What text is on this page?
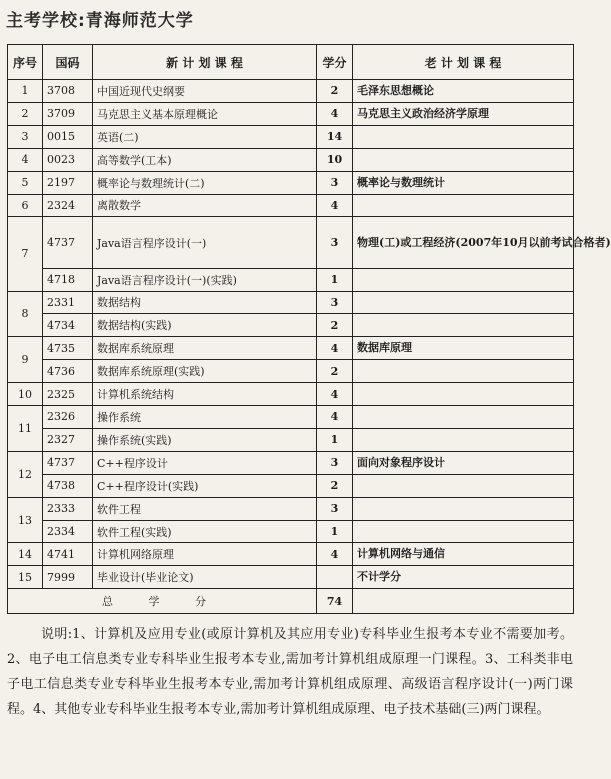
主考学校:青海师范大学
序号	国码	新 计 划 课 程	学分	老 计 划 课 程
1	3708	中国近现代史纲要	2	毛泽东思想概论
2	3709	马克思主义基本原理概论	4	马克思主义政治经济学原理
3	0015	英语(二)	14	
4	0023	高等数学(工本)	10	
5	2197	概率论与数理统计(二)	3	概率论与数理统计
6	2324	离散数学	4	
7	4737	Java语言程序设计(一)	3	物理(工)或工程经济(2007年10月以前考试合格者)
	4718	Java语言程序设计(一)(实践)	1	
8	2331	数据结构	3	
	4734	数据结构(实践)	2	
9	4735	数据库系统原理	4	数据库原理
	4736	数据库系统原理(实践)	2	
10	2325	计算机系统结构	4	
11	2326	操作系统	4	
	2327	操作系统(实践)	1	
12	4737	C++程序设计	3	面向对象程序设计
	4738	C++程序设计(实践)	2	
13	2333	软件工程	3	
	2334	软件工程(实践)	1	
14	4741	计算机网络原理	4	计算机网络与通信
15	7999	毕业设计(毕业论文)		不计学分
总 学 分			74	

说明:1、计算机及应用专业(或原计算机及其应用专业)专科毕业生报考本专业不需要加考。2、电子电工信息类专业专科毕业生报考本专业,需加考计算机组成原理一门课程。3、工科类非电子电工信息类专业专科毕业生报考本专业,需加考计算机组成原理、高级语言程序设计(一)两门课程。4、其他专业专科毕业生报考本专业,需加考计算机组成原理、电子技术基础(三)两门课程。
